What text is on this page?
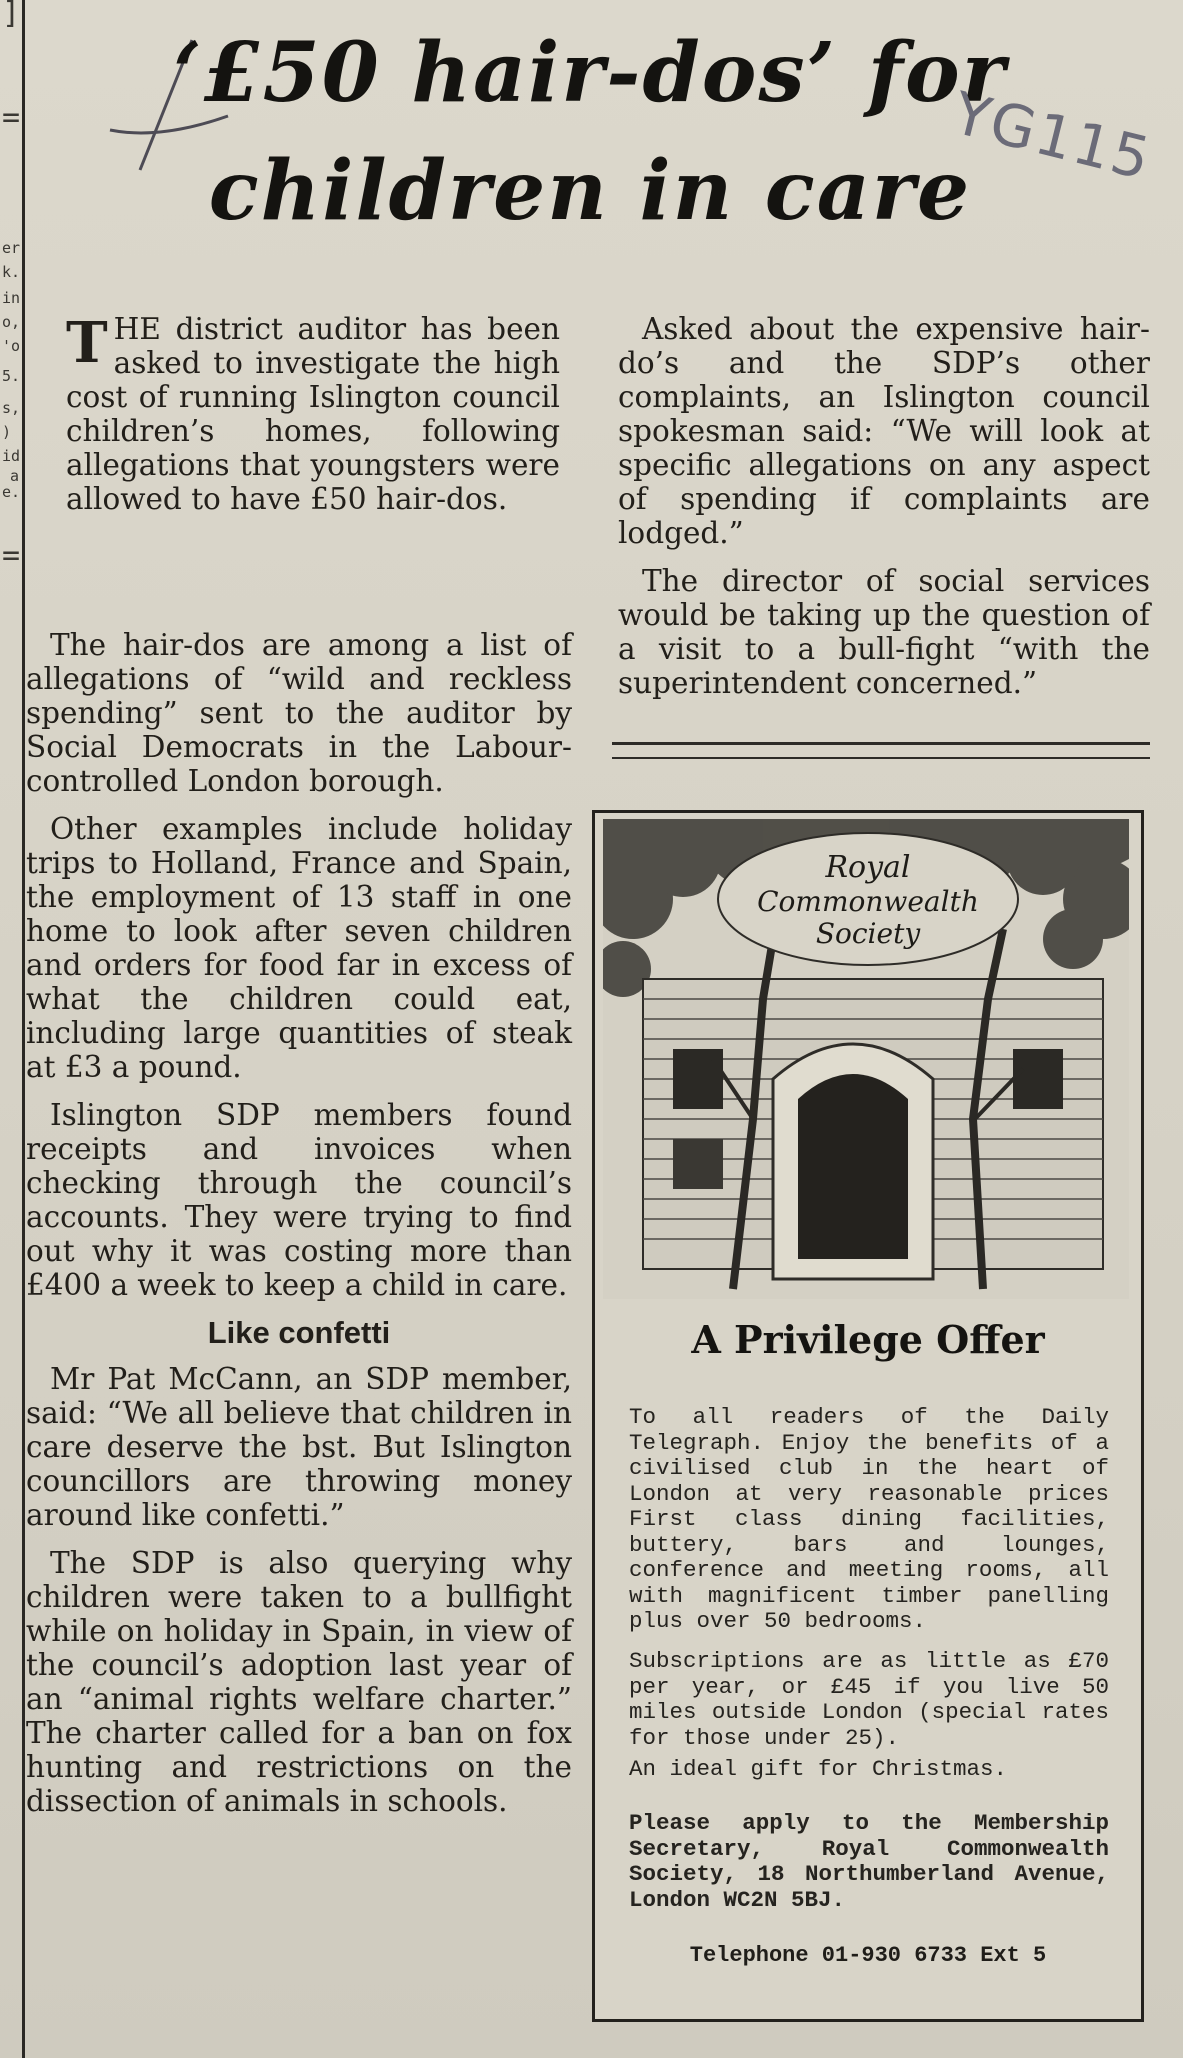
]
=
er
k.
in
o,
'o
5.
s,
)
id
a
e.
=
‘£50 hair-dos’ for
children in care
YG115

THE district auditor has been asked to investigate the high cost of running Islington council children’s homes, following allegations that youngsters were allowed to have £50 hair-dos.

The hair-dos are among a list of allegations of “wild and reckless spending” sent to the auditor by Social Democrats in the Labour-controlled London borough.

Other examples include holiday trips to Holland, France and Spain, the employment of 13 staff in one home to look after seven children and orders for food far in excess of what the children could eat, including large quantities of steak at £3 a pound.

Islington SDP members found receipts and invoices when checking through the council’s accounts. They were trying to find out why it was costing more than £400 a week to keep a child in care.

Like confetti

Mr Pat McCann, an SDP member, said: “We all believe that children in care deserve the bst. But Islington councillors are throwing money around like confetti.”

The SDP is also querying why children were taken to a bullfight while on holiday in Spain, in view of the council’s adoption last year of an “animal rights welfare charter.” The charter called for a ban on fox hunting and restrictions on the dissection of animals in schools.

Asked about the expensive hair-do’s and the SDP’s other complaints, an Islington council spokesman said: “We will look at specific allegations on any aspect of spending if complaints are lodged.”

The director of social services would be taking up the question of a visit to a bull-fight “with the superintendent concerned.”

Royal
Commonwealth
Society
A Privilege Offer
To all readers of the Daily Telegraph. Enjoy the benefits of a civilised club in the heart of London at very reasonable prices First class dining facilities, buttery, bars and lounges, conference and meeting rooms, all with magnificent timber panelling plus over 50 bedrooms.
Subscriptions are as little as £70 per year, or £45 if you live 50 miles outside London (special rates for those under 25).
An ideal gift for Christmas.
Please apply to the Membership Secretary, Royal Commonwealth Society, 18 Northumberland Avenue, London WC2N 5BJ.
Telephone 01-930 6733 Ext 5
